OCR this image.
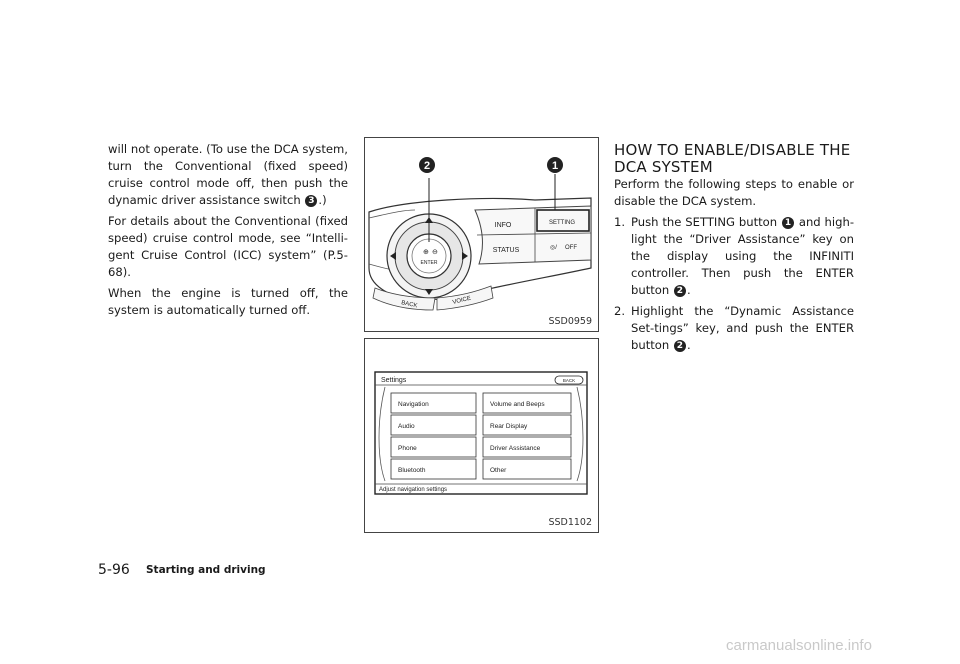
will not operate. (To use the DCA system, turn the Conventional (fixed speed) cruise control mode off, then push the dynamic driver assistance switch 3 .)

For details about the Conventional (fixed speed) cruise control mode, see “Intelli-gent Cruise Control (ICC) system” (P.5-68).

When the engine is turned off, the system is automatically turned off.

ENTER
⊕ ⊖
INFO	SETTING
STATUS	OFF
◎/
BACK	VOICE
2	1
SSD0959
Settings	BACK
Navigation
Audio
Phone
Bluetooth
Volume and Beeps
Rear Display
Driver Assistance
Other
Adjust navigation settings
SSD1102
HOW TO ENABLE/DISABLE THE DCA SYSTEM

Perform the following steps to enable or disable the DCA system.

1. Push the SETTING button 1 and high-light the “Driver Assistance” key on the display using the INFINITI controller. Then push the ENTER button 2 .
2. Highlight the “Dynamic Assistance Set-tings” key, and push the ENTER button 2 .
5-96 Starting and driving
carmanualsonline.info
